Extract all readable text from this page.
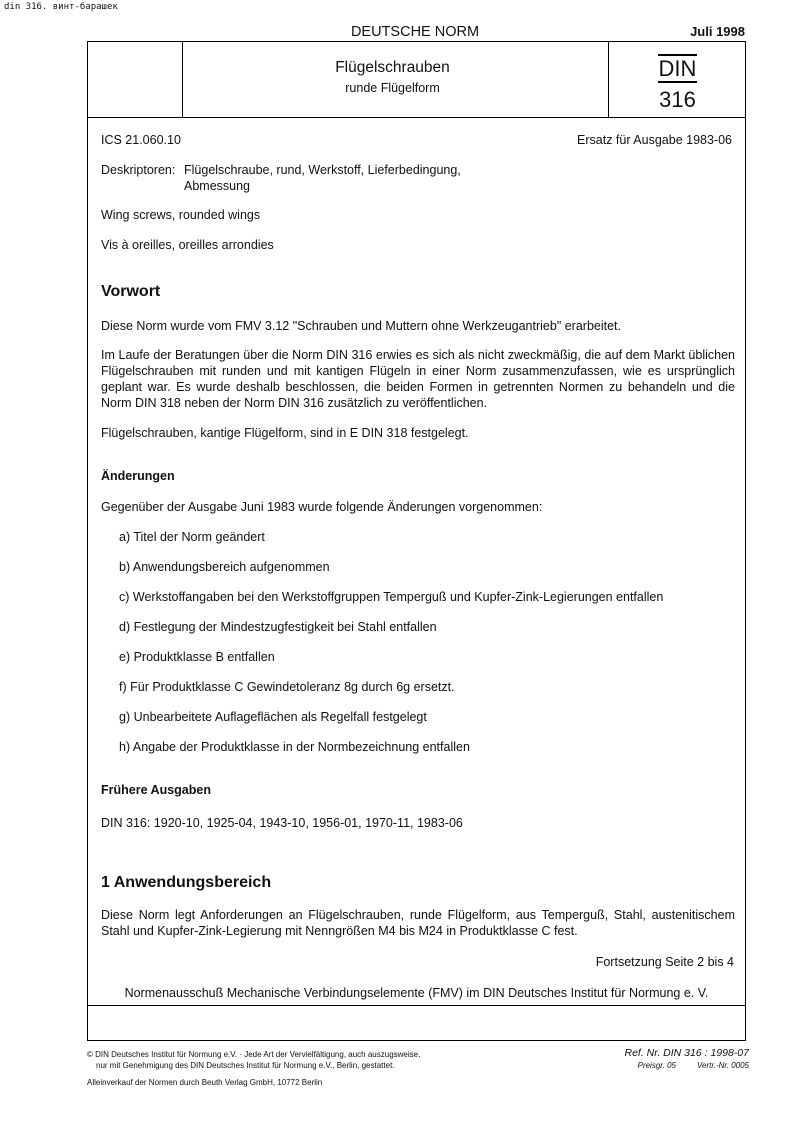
din 316. винт-барашек
DEUTSCHE NORM	Juli 1998
Flügelschrauben
runde Flügelform
DIN
316
ICS 21.060.10	Ersatz für Ausgabe 1983-06
Deskriptoren: Flügelschraube, rund, Werkstoff, Lieferbedingung,
Abmessung
Wing screws, rounded wings
Vis à oreilles, oreilles arrondies
Vorwort
Diese Norm wurde vom FMV 3.12 "Schrauben und Muttern ohne Werkzeugantrieb" erarbeitet.
Im Laufe der Beratungen über die Norm DIN 316 erwies es sich als nicht zweckmäßig, die auf dem Markt üblichen Flügelschrauben mit runden und mit kantigen Flügeln in einer Norm zusammenzufassen, wie es ursprünglich geplant war. Es wurde deshalb beschlossen, die beiden Formen in getrennten Normen zu behandeln und die Norm DIN 318 neben der Norm DIN 316 zusätzlich zu veröffentlichen.
Flügelschrauben, kantige Flügelform, sind in E DIN 318 festgelegt.
Änderungen
Gegenüber der Ausgabe Juni 1983 wurde folgende Änderungen vorgenommen:
a) Titel der Norm geändert
b) Anwendungsbereich aufgenommen
c) Werkstoffangaben bei den Werkstoffgruppen Temperguß und Kupfer-Zink-Legierungen entfallen
d) Festlegung der Mindestzugfestigkeit bei Stahl entfallen
e) Produktklasse B entfallen
f) Für Produktklasse C Gewindetoleranz 8g durch 6g ersetzt.
g) Unbearbeitete Auflageflächen als Regelfall festgelegt
h) Angabe der Produktklasse in der Normbezeichnung entfallen
Frühere Ausgaben
DIN 316: 1920-10, 1925-04, 1943-10, 1956-01, 1970-11, 1983-06
1 Anwendungsbereich
Diese Norm legt Anforderungen an Flügelschrauben, runde Flügelform, aus Temperguß, Stahl, austenitischem Stahl und Kupfer-Zink-Legierung mit Nenngrößen M4 bis M24 in Produktklasse C fest.
Fortsetzung Seite 2 bis 4
Normenausschuß Mechanische Verbindungselemente (FMV) im DIN Deutsches Institut für Normung e. V.
© DIN Deutsches Institut für Normung e.V. · Jede Art der Vervielfältigung, auch auszugsweise,
nur mit Genehmigung des DIN Deutsches Institut für Normung e.V., Berlin, gestattet.
Alleinverkauf der Normen durch Beuth Verlag GmbH, 10772 Berlin
Ref. Nr. DIN 316 : 1998-07
Preisgr. 05	Vertr.-Nr. 0005
